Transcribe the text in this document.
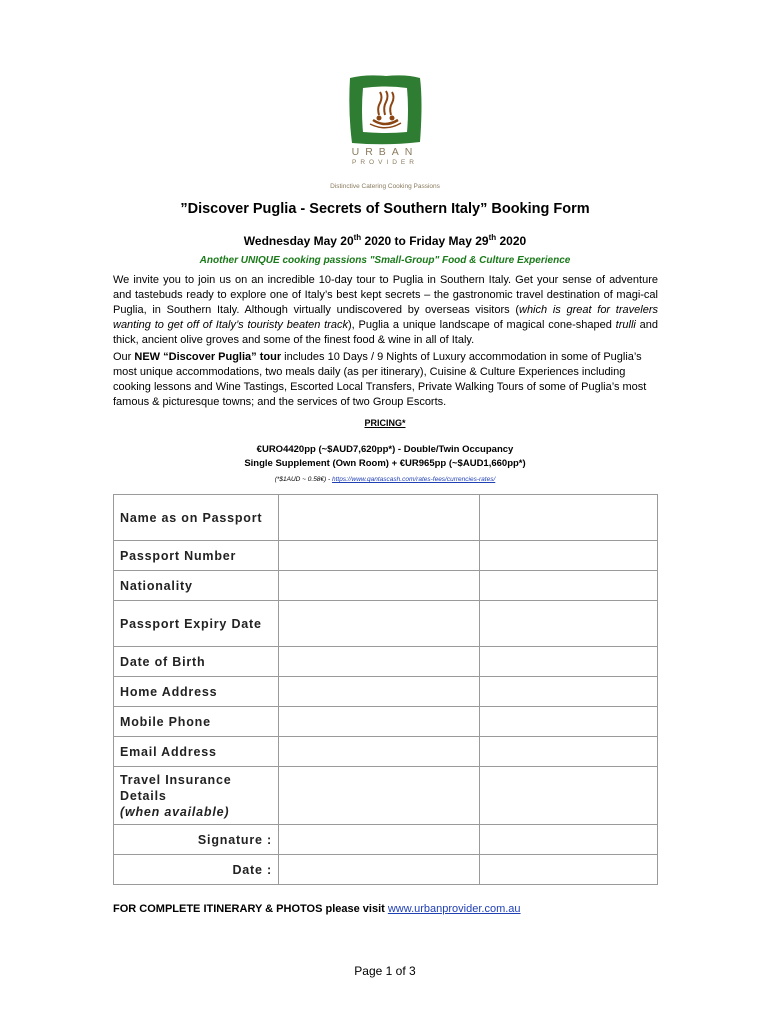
URBAN
PROVIDER
Distinctive Catering Cooking Passions
”Discover Puglia - Secrets of Southern Italy” Booking Form
Wednesday May 20th 2020 to Friday May 29th 2020
Another UNIQUE cooking passions "Small-Group" Food & Culture Experience
We invite you to join us on an incredible 10-day tour to Puglia in Southern Italy. Get your sense of adventure and tastebuds ready to explore one of Italy’s best kept secrets – the gastronomic travel destination of magi-cal Puglia, in Southern Italy. Although virtually undiscovered by overseas visitors (which is great for travelers wanting to get off of Italy’s touristy beaten track), Puglia a unique landscape of magical cone-shaped trulli and thick, ancient olive groves and some of the finest food & wine in all of Italy.
Our NEW “Discover Puglia” tour includes 10 Days / 9 Nights of Luxury accommodation in some of Puglia’s most unique accommodations, two meals daily (as per itinerary), Cuisine & Culture Experiences including cooking lessons and Wine Tastings, Escorted Local Transfers, Private Walking Tours of some of Puglia’s most famous & picturesque towns; and the services of two Group Escorts.
PRICING*
€URO4420pp (~$AUD7,620pp*) - Double/Twin Occupancy
Single Supplement (Own Room) + €UR965pp (~$AUD1,660pp*)
(*$1AUD ~ 0.58€) - https://www.qantascash.com/rates-fees/currencies-rates/
Name as on Passport		
Passport Number		
Nationality		
Passport Expiry Date		
Date of Birth		
Home Address		
Mobile Phone		
Email Address		
Travel Insurance Details
(when available)		
Signature :		
Date :		
FOR COMPLETE ITINERARY & PHOTOS please visit www.urbanprovider.com.au
Page 1 of 3
